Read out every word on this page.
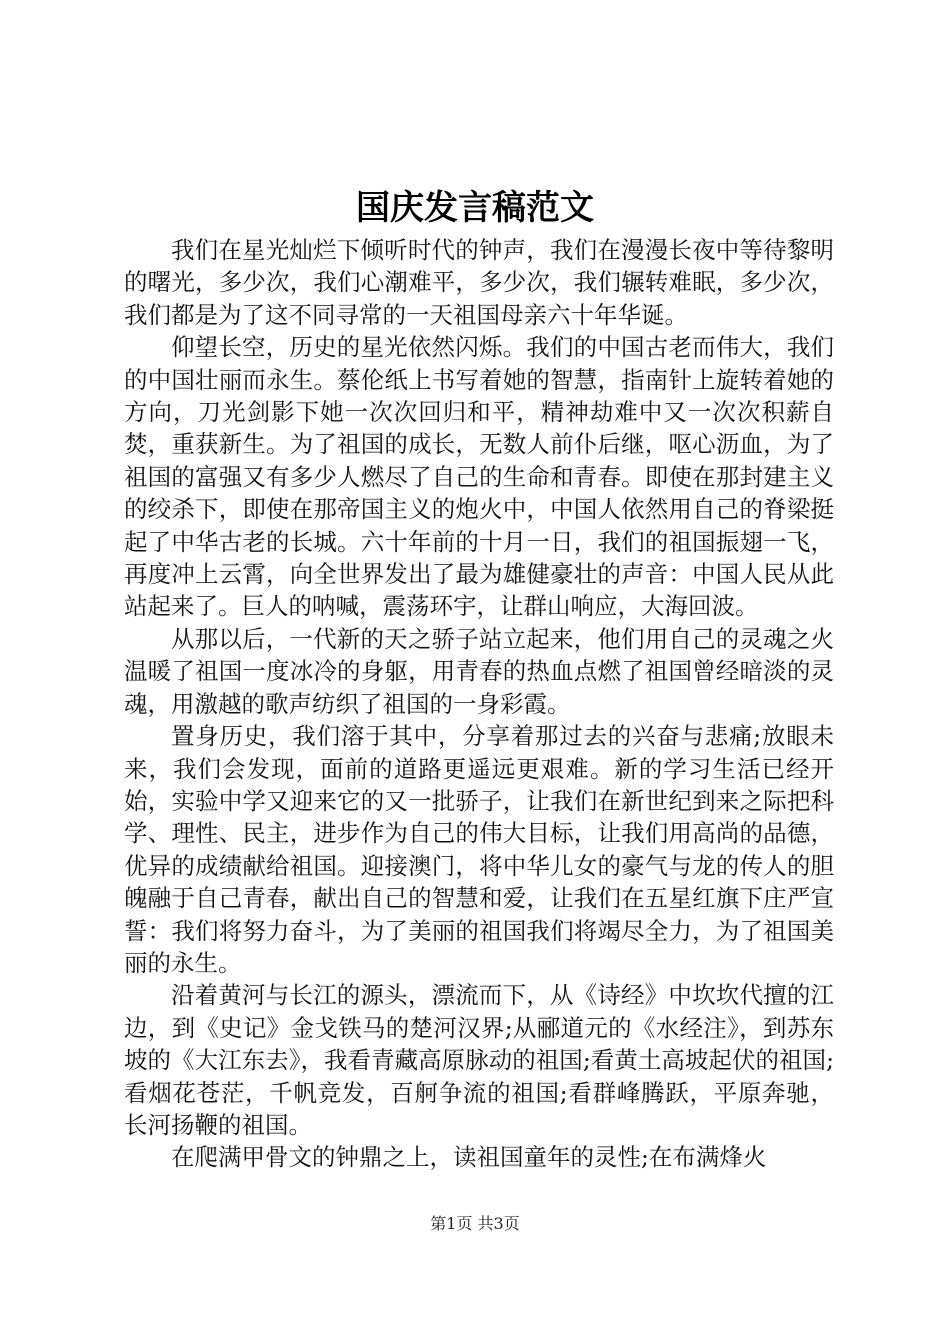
国庆发言稿范文

我们在星光灿烂下倾听时代的钟声，我们在漫漫长夜中等待黎明的曙光，多少次，我们心潮难平，多少次，我们辗转难眠，多少次，我们都是为了这不同寻常的一天祖国母亲六十年华诞。

仰望长空，历史的星光依然闪烁。我们的中国古老而伟大，我们的中国壮丽而永生。蔡伦纸上书写着她的智慧，指南针上旋转着她的方向，刀光剑影下她一次次回归和平，精神劫难中又一次次积薪自焚，重获新生。为了祖国的成长，无数人前仆后继，呕心沥血，为了祖国的富强又有多少人燃尽了自己的生命和青春。即使在那封建主义的绞杀下，即使在那帝国主义的炮火中，中国人依然用自己的脊梁挺起了中华古老的长城。六十年前的十月一日，我们的祖国振翅一飞，再度冲上云霄，向全世界发出了最为雄健豪壮的声音：中国人民从此站起来了。巨人的呐喊，震荡环宇，让群山响应，大海回波。

从那以后，一代新的天之骄子站立起来，他们用自己的灵魂之火温暖了祖国一度冰冷的身躯，用青春的热血点燃了祖国曾经暗淡的灵魂，用激越的歌声纺织了祖国的一身彩霞。

置身历史，我们溶于其中，分享着那过去的兴奋与悲痛;放眼未来，我们会发现，面前的道路更遥远更艰难。新的学习生活已经开始，实验中学又迎来它的又一批骄子，让我们在新世纪到来之际把科学、理性、民主，进步作为自己的伟大目标，让我们用高尚的品德，优异的成绩献给祖国。迎接澳门，将中华儿女的豪气与龙的传人的胆魄融于自己青春，献出自己的智慧和爱，让我们在五星红旗下庄严宣誓：我们将努力奋斗，为了美丽的祖国我们将竭尽全力，为了祖国美丽的永生。

沿着黄河与长江的源头，漂流而下，从《诗经》中坎坎代擅的江边，到《史记》金戈铁马的楚河汉界;从郦道元的《水经注》，到苏东坡的《大江东去》，我看青藏高原脉动的祖国;看黄土高坡起伏的祖国;看烟花苍茫，千帆竞发，百舸争流的祖国;看群峰腾跃，平原奔驰，长河扬鞭的祖国。

在爬满甲骨文的钟鼎之上，读祖国童年的灵性;在布满烽火

第1页 共3页
